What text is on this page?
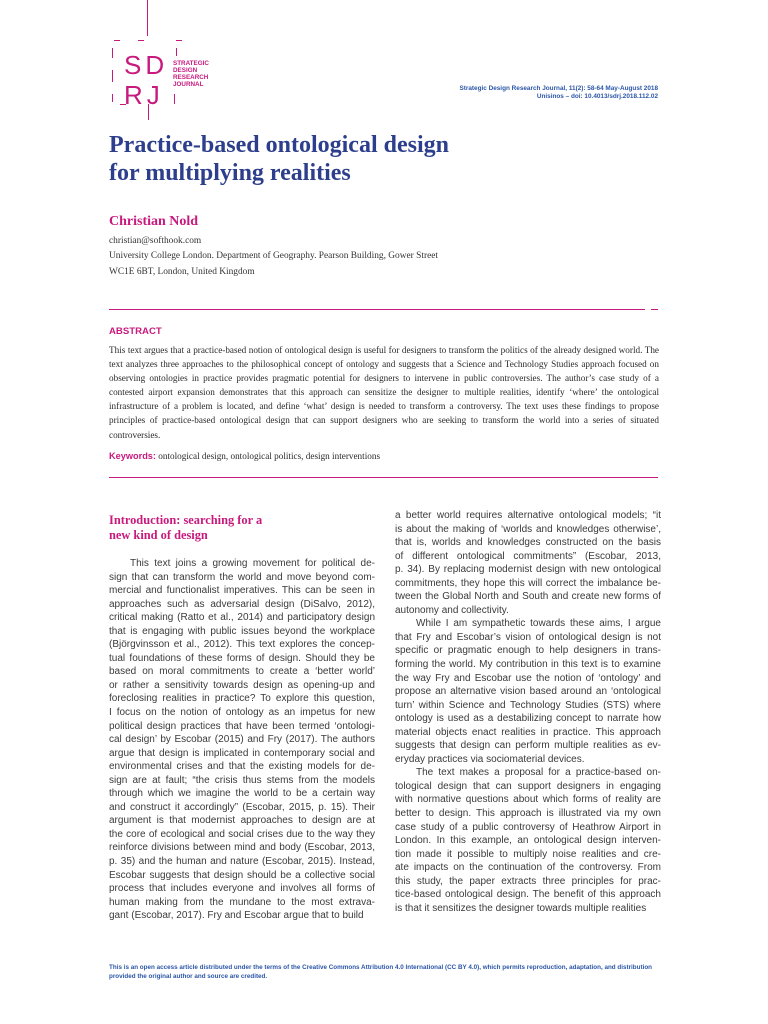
SD
RJ
STRATEGIC
DESIGN
RESEARCH
JOURNAL
Strategic Design Research Journal, 11(2): 58-64 May-August 2018
Unisinos – doi: 10.4013/sdrj.2018.112.02
Practice-based ontological design
for multiplying realities
Christian Nold
christian@softhook.com
University College London. Department of Geography. Pearson Building, Gower Street
WC1E 6BT, London, United Kingdom
ABSTRACT
This text argues that a practice-based notion of ontological design is useful for designers to transform the politics of the already designed world. The text analyzes three approaches to the philosophical concept of ontology and suggests that a Science and Technology Studies approach focused on observing ontologies in practice provides pragmatic potential for designers to intervene in public controversies. The author’s case study of a contested airport expansion demonstrates that this approach can sensitize the designer to multiple realities, identify ‘where’ the ontological infrastructure of a problem is located, and define ‘what’ design is needed to transform a controversy. The text uses these findings to propose principles of practice-based ontological design that can support designers who are seeking to transform the world into a series of situated controversies.
Keywords: ontological design, ontological politics, design interventions
Introduction: searching for a
new kind of design
This text joins a growing movement for political de-
sign that can transform the world and move beyond com-
mercial and functionalist imperatives. This can be seen in
approaches such as adversarial design (DiSalvo, 2012),
critical making (Ratto et al., 2014) and participatory design
that is engaging with public issues beyond the workplace
(Björgvinsson et al., 2012). This text explores the concep-
tual foundations of these forms of design. Should they be
based on moral commitments to create a ‘better world’
or rather a sensitivity towards design as opening-up and
foreclosing realities in practice? To explore this question,
I focus on the notion of ontology as an impetus for new
political design practices that have been termed ‘ontologi-
cal design’ by Escobar (2015) and Fry (2017). The authors
argue that design is implicated in contemporary social and
environmental crises and that the existing models for de-
sign are at fault; “the crisis thus stems from the models
through which we imagine the world to be a certain way
and construct it accordingly” (Escobar, 2015, p. 15). Their
argument is that modernist approaches to design are at
the core of ecological and social crises due to the way they
reinforce divisions between mind and body (Escobar, 2013,
p. 35) and the human and nature (Escobar, 2015). Instead,
Escobar suggests that design should be a collective social
process that includes everyone and involves all forms of
human making from the mundane to the most extrava-
gant (Escobar, 2017). Fry and Escobar argue that to build
a better world requires alternative ontological models; “it
is about the making of ‘worlds and knowledges otherwise’,
that is, worlds and knowledges constructed on the basis
of different ontological commitments” (Escobar, 2013,
p. 34). By replacing modernist design with new ontological
commitments, they hope this will correct the imbalance be-
tween the Global North and South and create new forms of
autonomy and collectivity.
While I am sympathetic towards these aims, I argue
that Fry and Escobar’s vision of ontological design is not
specific or pragmatic enough to help designers in trans-
forming the world. My contribution in this text is to examine
the way Fry and Escobar use the notion of ‘ontology’ and
propose an alternative vision based around an ‘ontological
turn’ within Science and Technology Studies (STS) where
ontology is used as a destabilizing concept to narrate how
material objects enact realities in practice. This approach
suggests that design can perform multiple realities as ev-
eryday practices via sociomaterial devices.
The text makes a proposal for a practice-based on-
tological design that can support designers in engaging
with normative questions about which forms of reality are
better to design. This approach is illustrated via my own
case study of a public controversy of Heathrow Airport in
London. In this example, an ontological design interven-
tion made it possible to multiply noise realities and cre-
ate impacts on the continuation of the controversy. From
this study, the paper extracts three principles for prac-
tice-based ontological design. The benefit of this approach
is that it sensitizes the designer towards multiple realities
This is an open access article distributed under the terms of the Creative Commons Attribution 4.0 International (CC BY 4.0), which permits reproduction, adaptation, and distribution
provided the original author and source are credited.
